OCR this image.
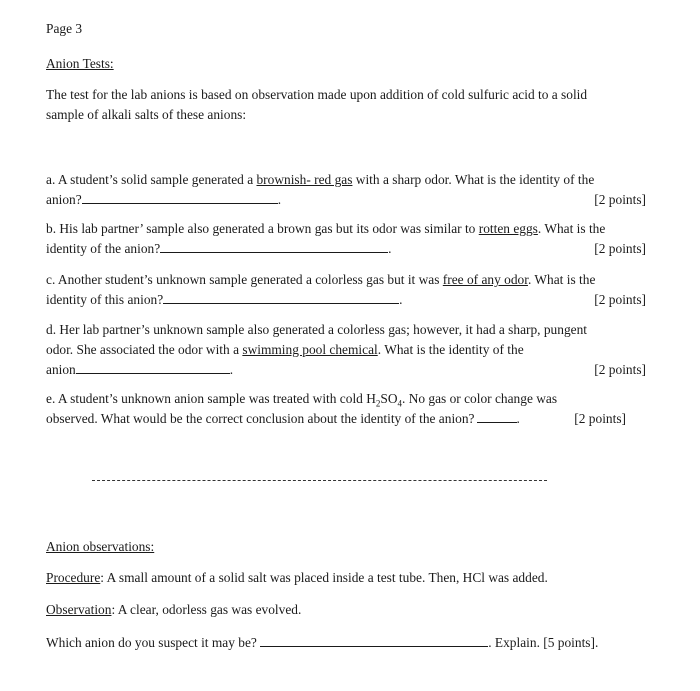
Page 3
Anion Tests:
The test for the lab anions is based on observation made upon addition of cold sulfuric acid to a solid
sample of alkali salts of these anions:
a. A student’s solid sample generated a brownish- red gas with a sharp odor. What is the identity of the
anion?	.	[2 points]
b. His lab partner’ sample also generated a brown gas but its odor was similar to rotten eggs. What is the
identity of the anion?	.	[2 points]
c. Another student’s unknown sample generated a colorless gas but it was free of any odor. What is the
identity of this anion?	.	[2 points]
d. Her lab partner’s unknown sample also generated a colorless gas; however, it had a sharp, pungent
odor. She associated the odor with a swimming pool chemical. What is the identity of the
anion	.	[2 points]
e. A student’s unknown anion sample was treated with cold $H_2SO_4$. No gas or color change was
observed. What would be the correct conclusion about the identity of the anion?	.	[2 points]
Anion observations:
Procedure: A small amount of a solid salt was placed inside a test tube. Then, HCl was added.
Observation: A clear, odorless gas was evolved.
Which anion do you suspect it may be?	. Explain. [5 points].
